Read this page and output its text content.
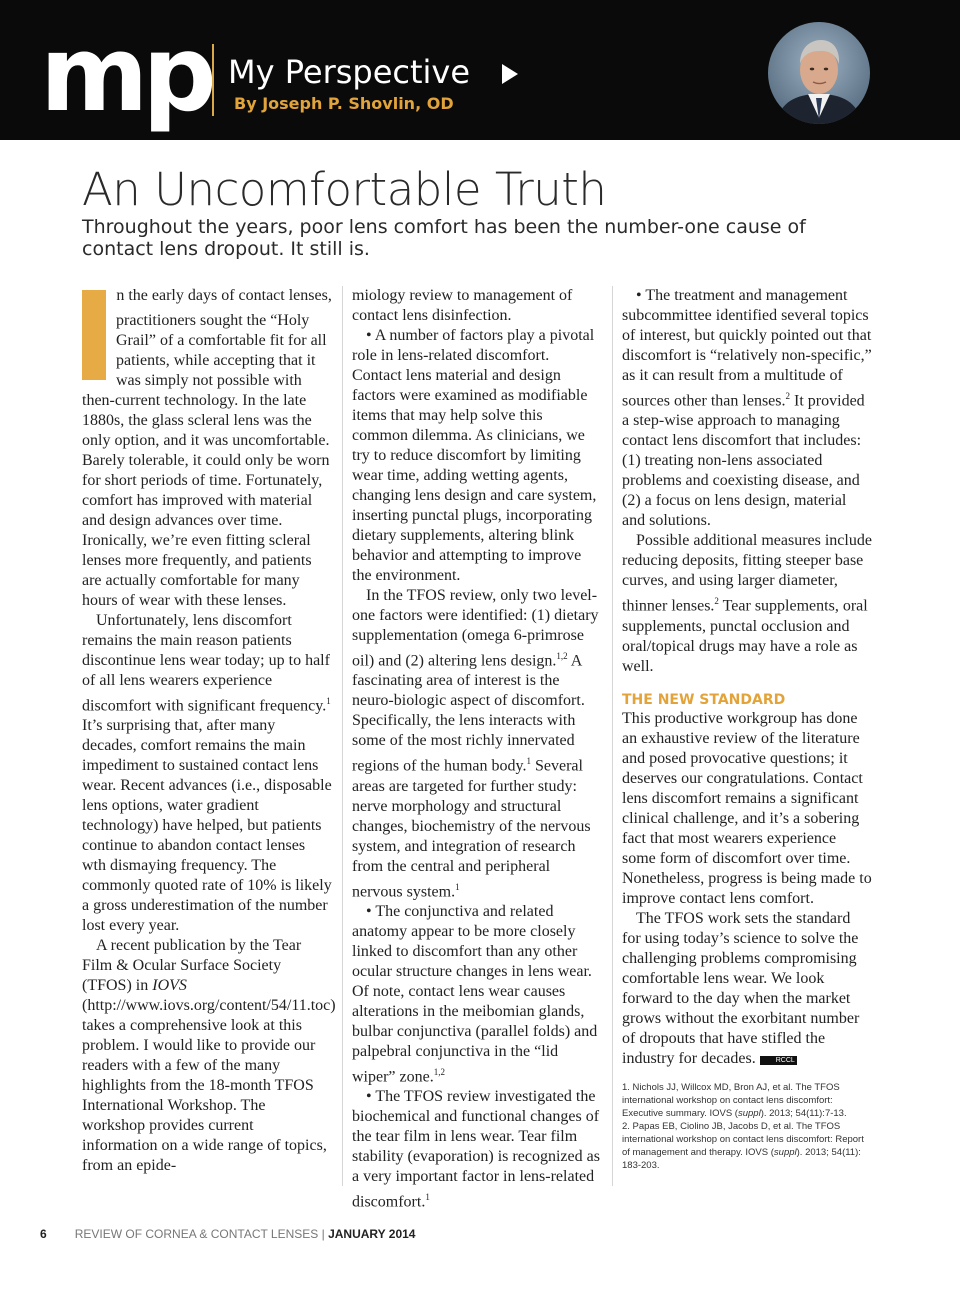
mp My Perspective
By Joseph P. Shovlin, OD
An Uncomfortable Truth
Throughout the years, poor lens comfort has been the number-one cause of contact lens dropout. It still is.

n the early days of contact lenses, practitioners sought the “Holy Grail” of a comfortable fit for all patients, while accepting that it was simply not possible with then-current technology. In the late 1880s, the glass scleral lens was the only option, and it was uncomfortable. Barely tolerable, it could only be worn for short periods of time. Fortunately, comfort has improved with material and design advances over time. Ironically, we’re even fitting scleral lenses more frequently, and patients are actually comfortable for many hours of wear with these lenses.

Unfortunately, lens discomfort remains the main reason patients discontinue lens wear today; up to half of all lens wearers experience discomfort with significant frequency.$^1$ It’s surprising that, after many decades, comfort remains the main impediment to sustained contact lens wear. Recent advances (i.e., disposable lens options, water gradient technology) have helped, but patients continue to abandon contact lenses wth dismaying frequency. The commonly quoted rate of 10% is likely a gross underestimation of the number lost every year.

A recent publication by the Tear Film & Ocular Surface Society (TFOS) in IOVS (http://www.iovs.org/content/54/11.toc) takes a comprehensive look at this problem. I would like to provide our readers with a few of the many highlights from the 18-month TFOS International Workshop. The workshop provides current information on a wide range of topics, from an epide-

miology review to management of contact lens disinfection.

• A number of factors play a pivotal role in lens-related discomfort. Contact lens material and design factors were examined as modifiable items that may help solve this common dilemma. As clinicians, we try to reduce discomfort by limiting wear time, adding wetting agents, changing lens design and care system, inserting punctal plugs, incorporating dietary supplements, altering blink behavior and attempting to improve the environment.

In the TFOS review, only two level-one factors were identified: (1) dietary supplementation (omega 6-primrose oil) and (2) altering lens design.$^{1,2}$ A fascinating area of interest is the neuro-biologic aspect of discomfort. Specifically, the lens interacts with some of the most richly innervated regions of the human body.$^1$ Several areas are targeted for further study: nerve morphology and structural changes, biochemistry of the nervous system, and integration of research from the central and peripheral nervous system.$^1$

• The conjunctiva and related anatomy appear to be more closely linked to discomfort than any other ocular structure changes in lens wear. Of note, contact lens wear causes alterations in the meibomian glands, bulbar conjunctiva (parallel folds) and palpebral conjunctiva in the “lid wiper” zone.$^{1,2}$

• The TFOS review investigated the biochemical and functional changes of the tear film in lens wear. Tear film stability (evaporation) is recognized as a very important factor in lens-related discomfort.$^1$

• The treatment and management subcommittee identified several topics of interest, but quickly pointed out that discomfort is “relatively non-specific,” as it can result from a multitude of sources other than lenses.$^2$ It provided a step-wise approach to managing contact lens discomfort that includes: (1) treating non-lens associated problems and coexisting disease, and (2) a focus on lens design, material and solutions.

Possible additional measures include reducing deposits, fitting steeper base curves, and using larger diameter, thinner lenses.$^2$ Tear supplements, oral supplements, punctal occlusion and oral/topical drugs may have a role as well.

THE NEW STANDARD

This productive workgroup has done an exhaustive review of the literature and posed provocative questions; it deserves our congratulations. Contact lens discomfort remains a significant clinical challenge, and it’s a sobering fact that most wearers experience some form of discomfort over time. Nonetheless, progress is being made to improve contact lens comfort.

The TFOS work sets the standard for using today’s science to solve the challenging problems compromising comfortable lens wear. We look forward to the day when the market grows without the exorbitant number of dropouts that have stifled the industry for decades.	RCCL

1. Nichols JJ, Willcox MD, Bron AJ, et al. The TFOS international workshop on contact lens discomfort: Executive summary. IOVS (suppl). 2013; 54(11):7-13.
2. Papas EB, Ciolino JB, Jacobs D, et al. The TFOS international workshop on contact lens discomfort: Report of management and therapy. IOVS (suppl). 2013; 54(11): 183-203.
6 REVIEW OF CORNEA & CONTACT LENSES | JANUARY 2014
